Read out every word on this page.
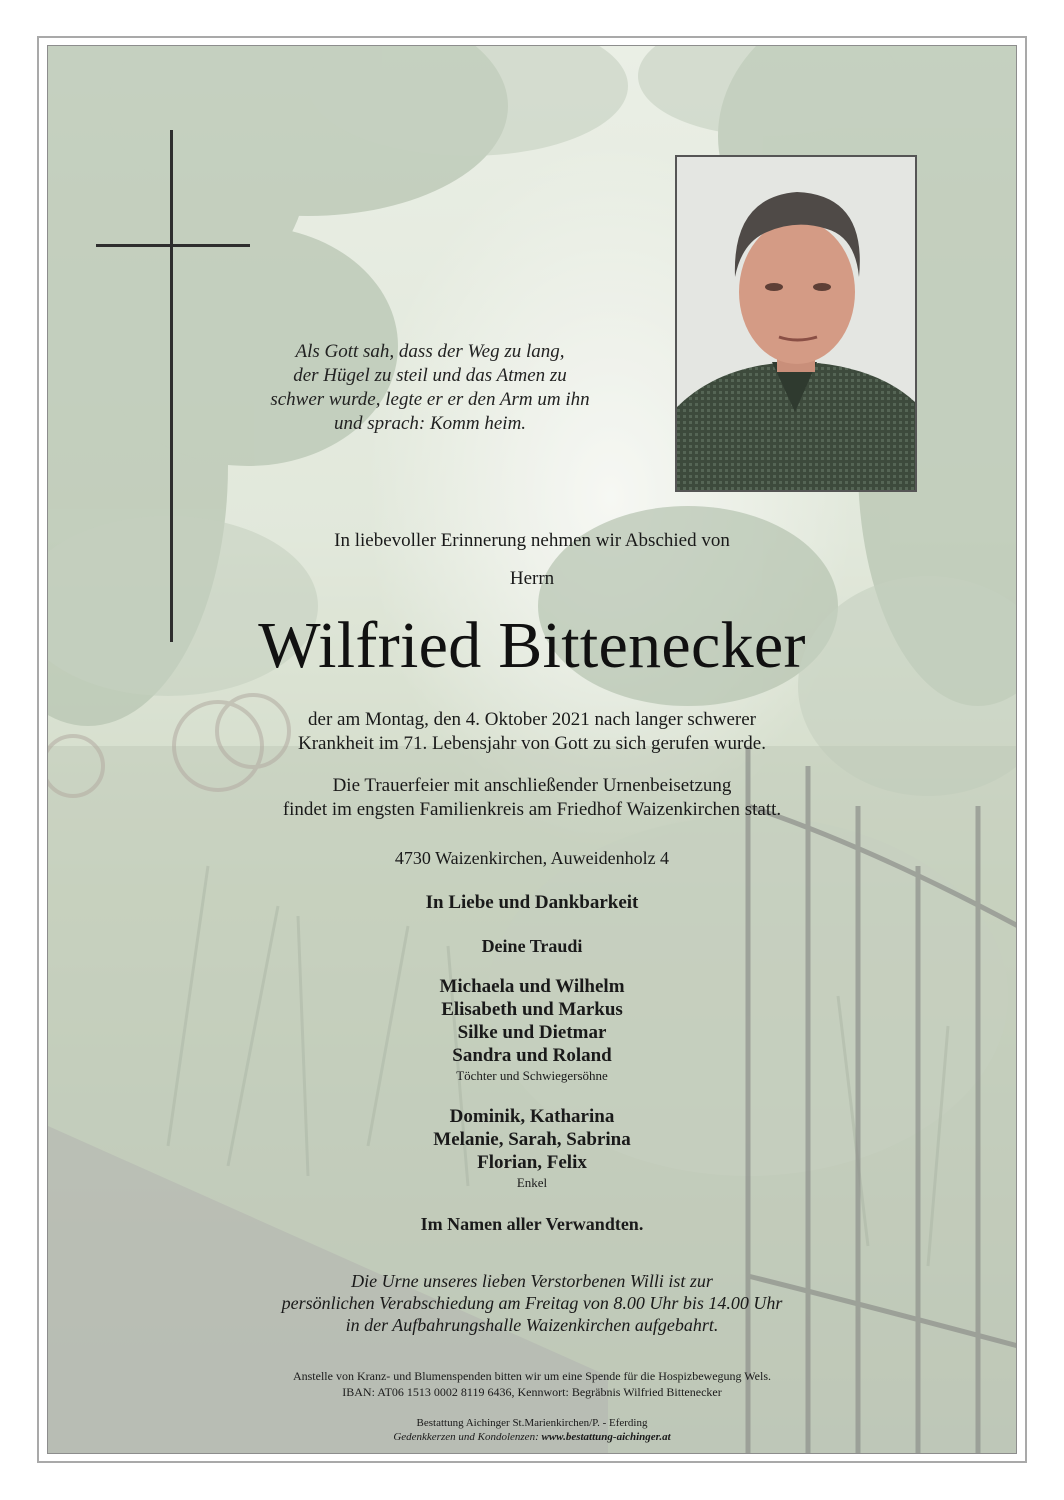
Als Gott sah, dass der Weg zu lang,
der Hügel zu steil und das Atmen zu
schwer wurde, legte er er den Arm um ihn
und sprach: Komm heim.
In liebevoller Erinnerung nehmen wir Abschied von
Herrn
Wilfried Bittenecker
der am Montag, den 4. Oktober 2021 nach langer schwerer
Krankheit im 71. Lebensjahr von Gott zu sich gerufen wurde.
Die Trauerfeier mit anschließender Urnenbeisetzung
findet im engsten Familienkreis am Friedhof Waizenkirchen statt.
4730 Waizenkirchen, Auweidenholz 4
In Liebe und Dankbarkeit
Deine Traudi
Michaela und Wilhelm
Elisabeth und Markus
Silke und Dietmar
Sandra und Roland
Töchter und Schwiegersöhne
Dominik, Katharina
Melanie, Sarah, Sabrina
Florian, Felix
Enkel
Im Namen aller Verwandten.
Die Urne unseres lieben Verstorbenen Willi ist zur
persönlichen Verabschiedung am Freitag von 8.00 Uhr bis 14.00 Uhr
in der Aufbahrungshalle Waizenkirchen aufgebahrt.
Anstelle von Kranz- und Blumenspenden bitten wir um eine Spende für die Hospizbewegung Wels.
IBAN: AT06 1513 0002 8119 6436, Kennwort: Begräbnis Wilfried Bittenecker
Bestattung Aichinger St.Marienkirchen/P. - Eferding
Gedenkkerzen und Kondolenzen: www.bestattung-aichinger.at
